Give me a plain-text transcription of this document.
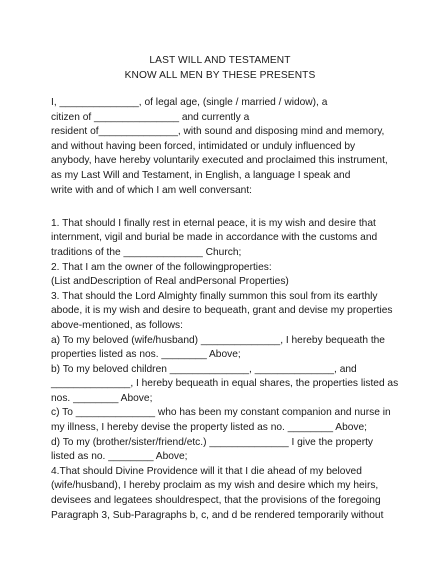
LAST WILL AND TESTAMENT
KNOW ALL MEN BY THESE PRESENTS
I, ______________, of legal age, (single / married / widow), a
citizen of _______________ and currently a
resident of______________, with sound and disposing mind and memory,
and without having been forced, intimidated or unduly influenced by
anybody, have hereby voluntarily executed and proclaimed this instrument,
as my Last Will and Testament, in English, a language I speak and
write with and of which I am well conversant:
1. That should I finally rest in eternal peace, it is my wish and desire that
internment, vigil and burial be made in accordance with the customs and
traditions of the ______________ Church;
2. That I am the owner of the followingproperties:
(List andDescription of Real andPersonal Properties)
3. That should the Lord Almighty finally summon this soul from its earthly
abode, it is my wish and desire to bequeath, grant and devise my properties
above-mentioned, as follows:
a) To my beloved (wife/husband) ______________, I hereby bequeath the
properties listed as nos. ________ Above;
b) To my beloved children ______________, ______________, and
______________, I hereby bequeath in equal shares, the properties listed as
nos. ________ Above;
c) To ______________ who has been my constant companion and nurse in
my illness, I hereby devise the property listed as no. ________ Above;
d) To my (brother/sister/friend/etc.) ______________ I give the property
listed as no. ________ Above;
4.That should Divine Providence will it that I die ahead of my beloved
(wife/husband), I hereby proclaim as my wish and desire which my heirs,
devisees and legatees shouldrespect, that the provisions of the foregoing
Paragraph 3, Sub-Paragraphs b, c, and d be rendered temporarily without
